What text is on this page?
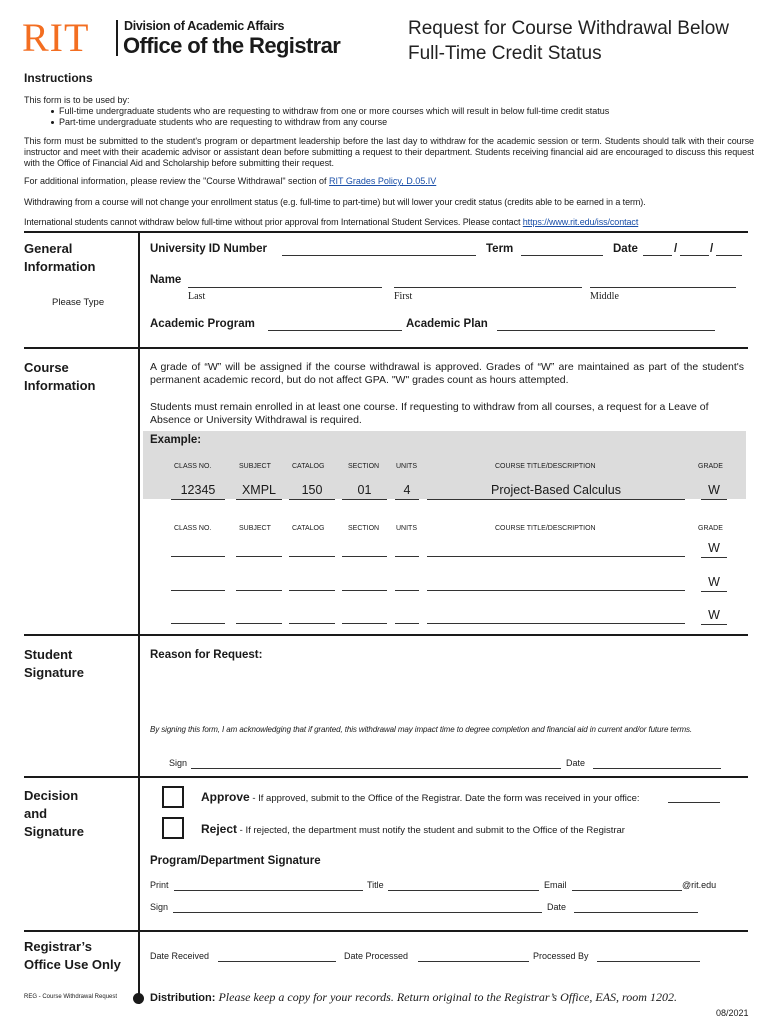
RIT	Division of Academic Affairs
Office of the Registrar
Request for Course Withdrawal Below
Full-Time Credit Status
Instructions
This form is to be used by:
Full-time undergraduate students who are requesting to withdraw from one or more courses which will result in below full-time credit status
Part-time undergraduate students who are requesting to withdraw from any course
This form must be submitted to the student's program or department leadership before the last day to withdraw for the academic session or term. Students should talk with their course instructor and meet with their academic advisor or assistant dean before submitting a request to their department. Students receiving financial aid are encouraged to discuss this request with the Office of Financial Aid and Scholarship before submitting their request.
For additional information, please review the "Course Withdrawal" section of RIT Grades Policy, D.05.IV
Withdrawing from a course will not change your enrollment status (e.g. full-time to part-time) but will lower your credit status (credits able to be earned in a term).
International students cannot withdraw below full-time without prior approval from International Student Services. Please contact https://www.rit.edu/iss/contact
General
Information
Please Type
University ID Number	Term	Date	/	/
Name
Last	First	Middle
Academic Program	Academic Plan
Course
Information
A grade of “W” will be assigned if the course withdrawal is approved. Grades of “W” are maintained as part of the student's permanent academic record, but do not affect GPA. "W" grades count as hours attempted.
Students must remain enrolled in at least one course. If requesting to withdraw from all courses, a request for a Leave of Absence or University Withdrawal is required.
Example:
CLASS NO.	SUBJECT	CATALOG	SECTION UNITS	COURSE TITLE/DESCRIPTION	GRADE
12345	XMPL	150	01	4	Project-Based Calculus	W
CLASS NO.	SUBJECT	CATALOG	SECTION UNITS	COURSE TITLE/DESCRIPTION	GRADE
W
W
W
Student
Signature
Reason for Request:
By signing this form, I am acknowledging that if granted, this withdrawal may impact time to degree completion and financial aid in current and/or future terms.
Sign	Date
Decision
and
Signature
Approve - If approved, submit to the Office of the Registrar. Date the form was received in your office:
Reject - If rejected, the department must notify the student and submit to the Office of the Registrar
Program/Department Signature
Print	Title	Email	@rit.edu
Sign	Date
Registrar’s
Office Use Only
Date Received	Date Processed	Processed By
REG - Course Withdrawal Request	Distribution: Please keep a copy for your records. Return original to the Registrar’s Office, EAS, room 1202.
08/2021
